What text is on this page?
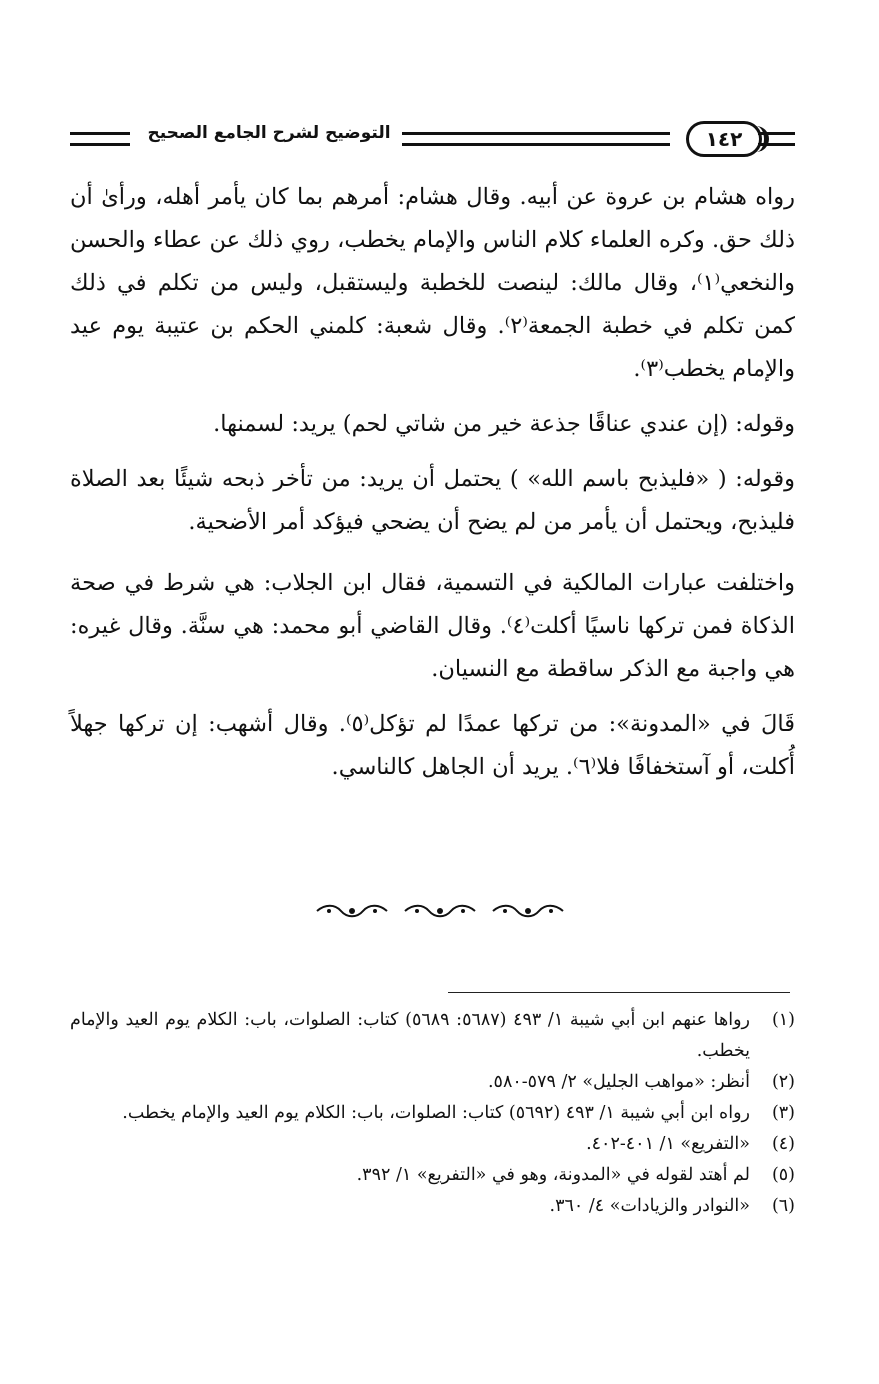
التوضيح لشرح الجامع الصحيح	١٤٢

رواه هشام بن عروة عن أبيه. وقال هشام: أمرهم بما كان يأمر أهله، ورأىٰ أن ذلك حق. وكره العلماء كلام الناس والإمام يخطب، روي ذلك عن عطاء والحسن والنخعي⁽١⁾، وقال مالك: لينصت للخطبة وليستقبل، وليس من تكلم في ذلك كمن تكلم في خطبة الجمعة⁽٢⁾. وقال شعبة: كلمني الحكم بن عتيبة يوم عيد والإمام يخطب⁽٣⁾.

وقوله: (إن عندي عناقًا جذعة خير من شاتي لحم) يريد: لسمنها.

وقوله: ( «فليذبح باسم الله» ) يحتمل أن يريد: من تأخر ذبحه شيئًا بعد الصلاة فليذبح، ويحتمل أن يأمر من لم يضح أن يضحي فيؤكد أمر الأضحية.

واختلفت عبارات المالكية في التسمية، فقال ابن الجلاب: هي شرط في صحة الذكاة فمن تركها ناسيًا أكلت⁽٤⁾. وقال القاضي أبو محمد: هي سنَّة. وقال غيره: هي واجبة مع الذكر ساقطة مع النسيان.

قَالَ في «المدونة»: من تركها عمدًا لم تؤكل⁽٥⁾. وقال أشهب: إن تركها جهلاً أُكلت، أو آستخفافًا فلا⁽٦⁾. يريد أن الجاهل كالناسي.

(١)
رواها عنهم ابن أبي شيبة ١/ ٤٩٣ (٥٦٨٧: ٥٦٨٩) كتاب: الصلوات، باب: الكلام يوم العيد والإمام يخطب.
(٢)
أنظر: «مواهب الجليل» ٢/ ٥٧٩-٥٨٠.
(٣)
رواه ابن أبي شيبة ١/ ٤٩٣ (٥٦٩٢) كتاب: الصلوات، باب: الكلام يوم العيد والإمام يخطب.
(٤)
«التفريع» ١/ ٤٠١-٤٠٢.
(٥)
لم أهتد لقوله في «المدونة، وهو في «التفريع» ١/ ٣٩٢.
(٦)
«النوادر والزيادات» ٤/ ٣٦٠.
